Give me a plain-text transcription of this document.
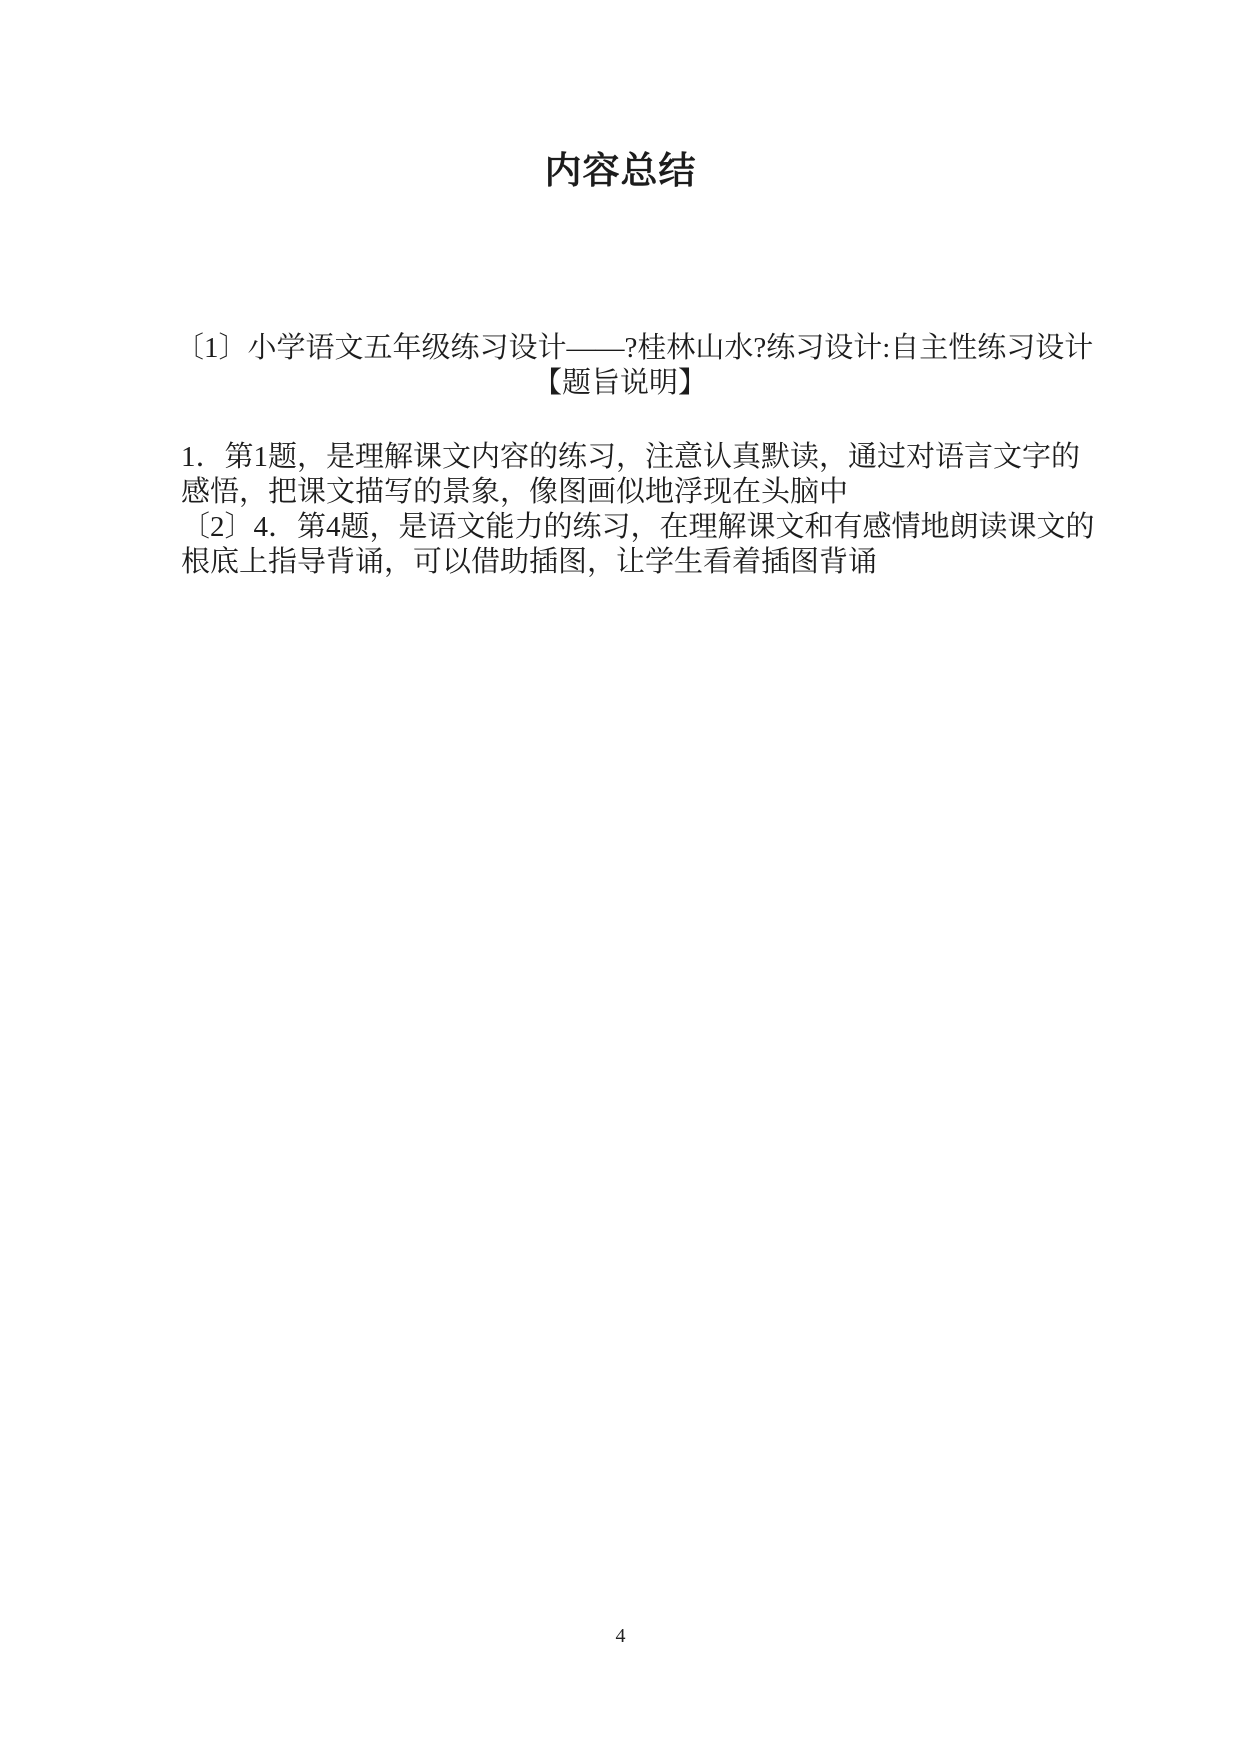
内容总结
〔1〕小学语文五年级练习设计——?桂林山水?练习设计:自主性练习设计
【题旨说明】
1．第1题，是理解课文内容的练习，注意认真默读，通过对语言文字的
感悟，把课文描写的景象，像图画似地浮现在头脑中
〔2〕4．第4题，是语文能力的练习，在理解课文和有感情地朗读课文的
根底上指导背诵，可以借助插图，让学生看着插图背诵
4
